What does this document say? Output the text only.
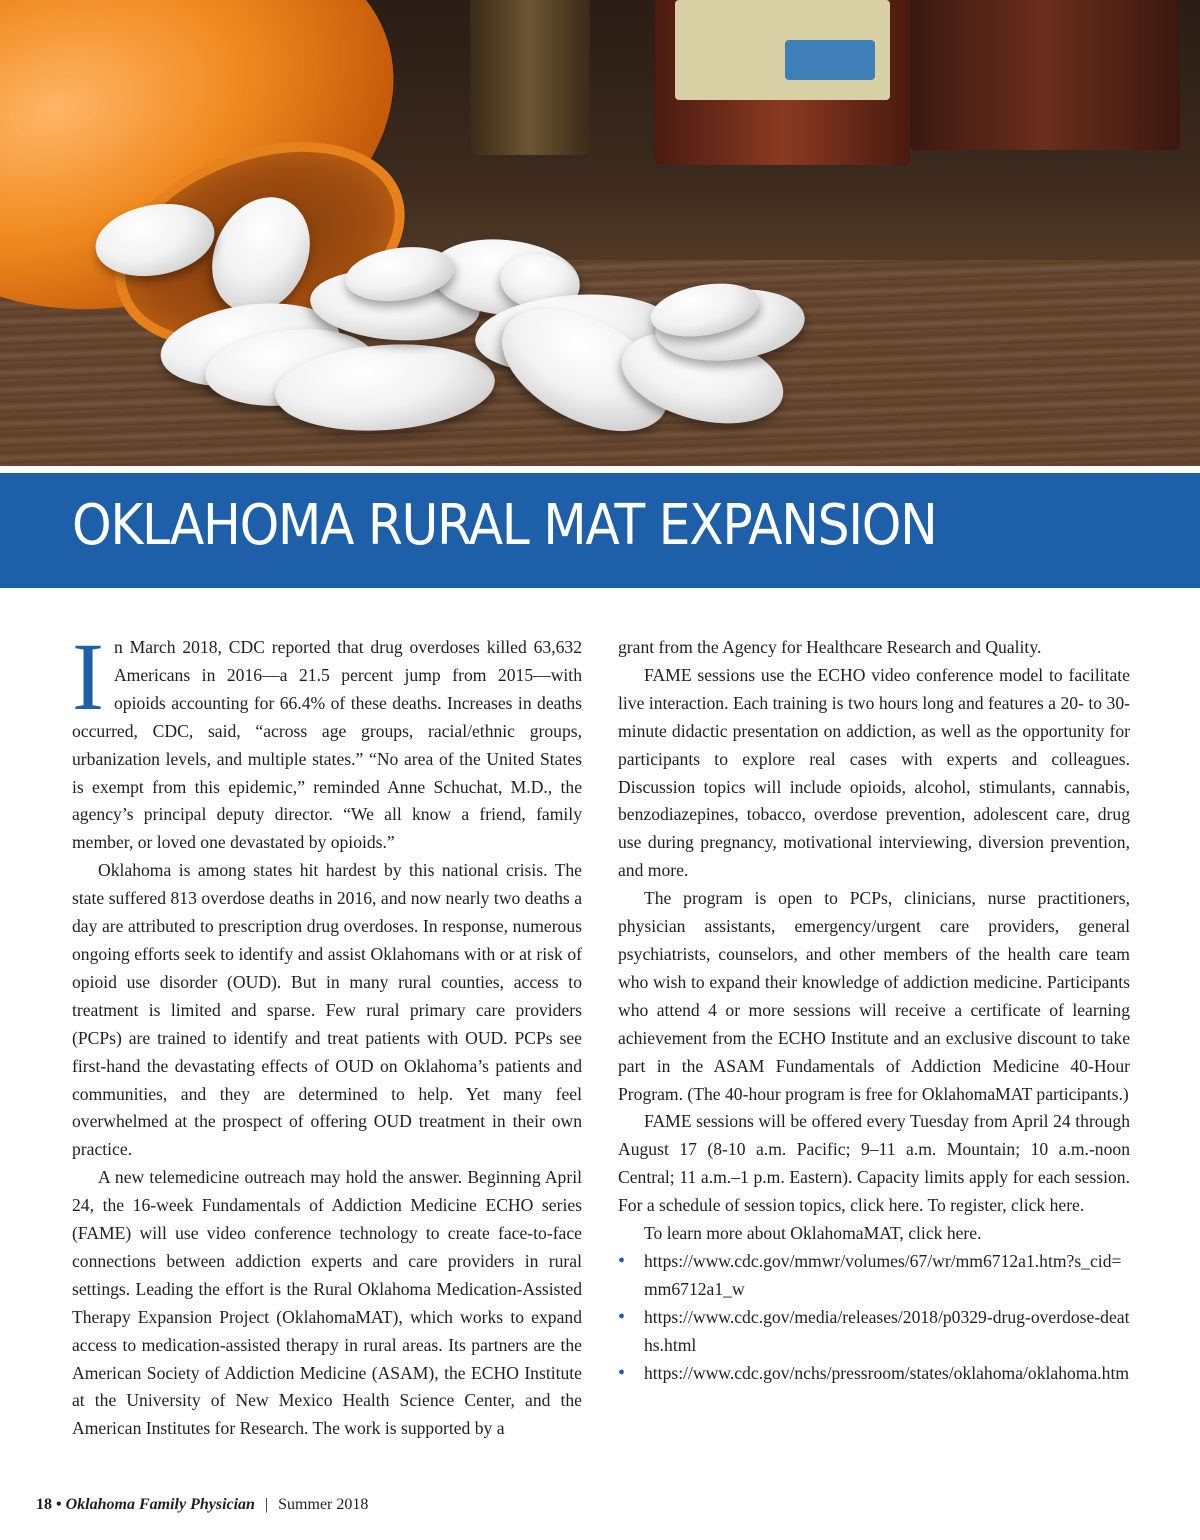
OKLAHOMA RURAL MAT EXPANSION

In March 2018, CDC reported that drug overdoses killed 63,632 Americans in 2016—a 21.5 percent jump from 2015—with opioids accounting for 66.4% of these deaths. Increases in deaths occurred, CDC, said, “across age groups, racial/ethnic groups, urbanization levels, and multiple states.” “No area of the United States is exempt from this epidemic,” reminded Anne Schuchat, M.D., the agency’s principal deputy director. “We all know a friend, family member, or loved one devastated by opioids.”

Oklahoma is among states hit hardest by this national crisis. The state suffered 813 overdose deaths in 2016, and now nearly two deaths a day are attributed to prescription drug overdoses. In response, numerous ongoing efforts seek to identify and assist Oklahomans with or at risk of opioid use disorder (OUD). But in many rural counties, access to treatment is limited and sparse. Few rural primary care providers (PCPs) are trained to identify and treat patients with OUD. PCPs see first-hand the devastating effects of OUD on Oklahoma’s patients and communities, and they are determined to help. Yet many feel overwhelmed at the prospect of offering OUD treatment in their own practice.

A new telemedicine outreach may hold the answer. Beginning April 24, the 16-week Fundamentals of Addiction Medicine ECHO series (FAME) will use video conference technology to create face-to-face connections between addiction experts and care providers in rural settings. Leading the effort is the Rural Oklahoma Medication-Assisted Therapy Expansion Project (OklahomaMAT), which works to expand access to medication-assisted therapy in rural areas. Its partners are the American Society of Addiction Medicine (ASAM), the ECHO Institute at the University of New Mexico Health Science Center, and the American Institutes for Research. The work is supported by a

grant from the Agency for Healthcare Research and Quality.

FAME sessions use the ECHO video conference model to facilitate live interaction. Each training is two hours long and features a 20- to 30-minute didactic presentation on addiction, as well as the opportunity for participants to explore real cases with experts and colleagues. Discussion topics will include opioids, alcohol, stimulants, cannabis, benzodiazepines, tobacco, overdose prevention, adolescent care, drug use during pregnancy, motivational interviewing, diversion prevention, and more.

The program is open to PCPs, clinicians, nurse practitioners, physician assistants, emergency/urgent care providers, general psychiatrists, counselors, and other members of the health care team who wish to expand their knowledge of addiction medicine. Participants who attend 4 or more sessions will receive a certificate of learning achievement from the ECHO Institute and an exclusive discount to take part in the ASAM Fundamentals of Addiction Medicine 40-Hour Program. (The 40-hour program is free for OklahomaMAT participants.)

FAME sessions will be offered every Tuesday from April 24 through August 17 (8-10 a.m. Pacific; 9–11 a.m. Mountain; 10 a.m.-noon Central; 11 a.m.–1 p.m. Eastern). Capacity limits apply for each session. For a schedule of session topics, click here. To register, click here.

To learn more about OklahomaMAT, click here.

• https://www.cdc.gov/mmwr/volumes/67/wr/mm6712a1.htm?s_cid=mm6712a1_w
• https://www.cdc.gov/media/releases/2018/p0329-drug-overdose-deaths.html
• https://www.cdc.gov/nchs/pressroom/states/oklahoma/oklahoma.htm
18 • Oklahoma Family Physician | Summer 2018
